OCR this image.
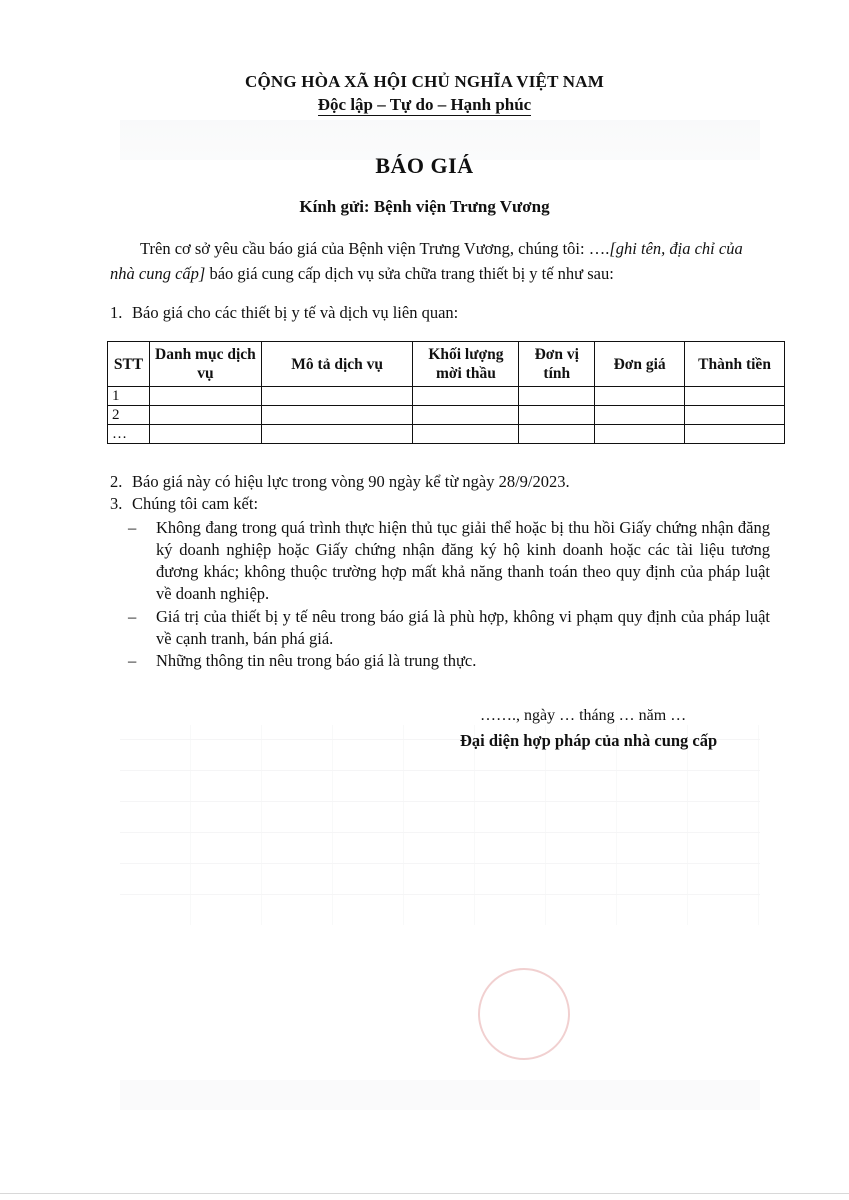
CỘNG HÒA XÃ HỘI CHỦ NGHĨA VIỆT NAM
Độc lập – Tự do – Hạnh phúc
BÁO GIÁ
Kính gửi: Bệnh viện Trưng Vương
Trên cơ sở yêu cầu báo giá của Bệnh viện Trưng Vương, chúng tôi: ….[ghi tên, địa chỉ của nhà cung cấp] báo giá cung cấp dịch vụ sửa chữa trang thiết bị y tế như sau:
1. Báo giá cho các thiết bị y tế và dịch vụ liên quan:
STT	Danh mục dịch vụ	Mô tả dịch vụ	Khối lượng mời thầu	Đơn vị tính	Đơn giá	Thành tiền
1						
2						
…						
2. Báo giá này có hiệu lực trong vòng 90 ngày kể từ ngày 28/9/2023.
3. Chúng tôi cam kết:
– Không đang trong quá trình thực hiện thủ tục giải thể hoặc bị thu hồi Giấy chứng nhận đăng ký doanh nghiệp hoặc Giấy chứng nhận đăng ký hộ kinh doanh hoặc các tài liệu tương đương khác; không thuộc trường hợp mất khả năng thanh toán theo quy định của pháp luật về doanh nghiệp.
– Giá trị của thiết bị y tế nêu trong báo giá là phù hợp, không vi phạm quy định của pháp luật về cạnh tranh, bán phá giá.
– Những thông tin nêu trong báo giá là trung thực.
……., ngày … tháng … năm …
Đại diện hợp pháp của nhà cung cấp
